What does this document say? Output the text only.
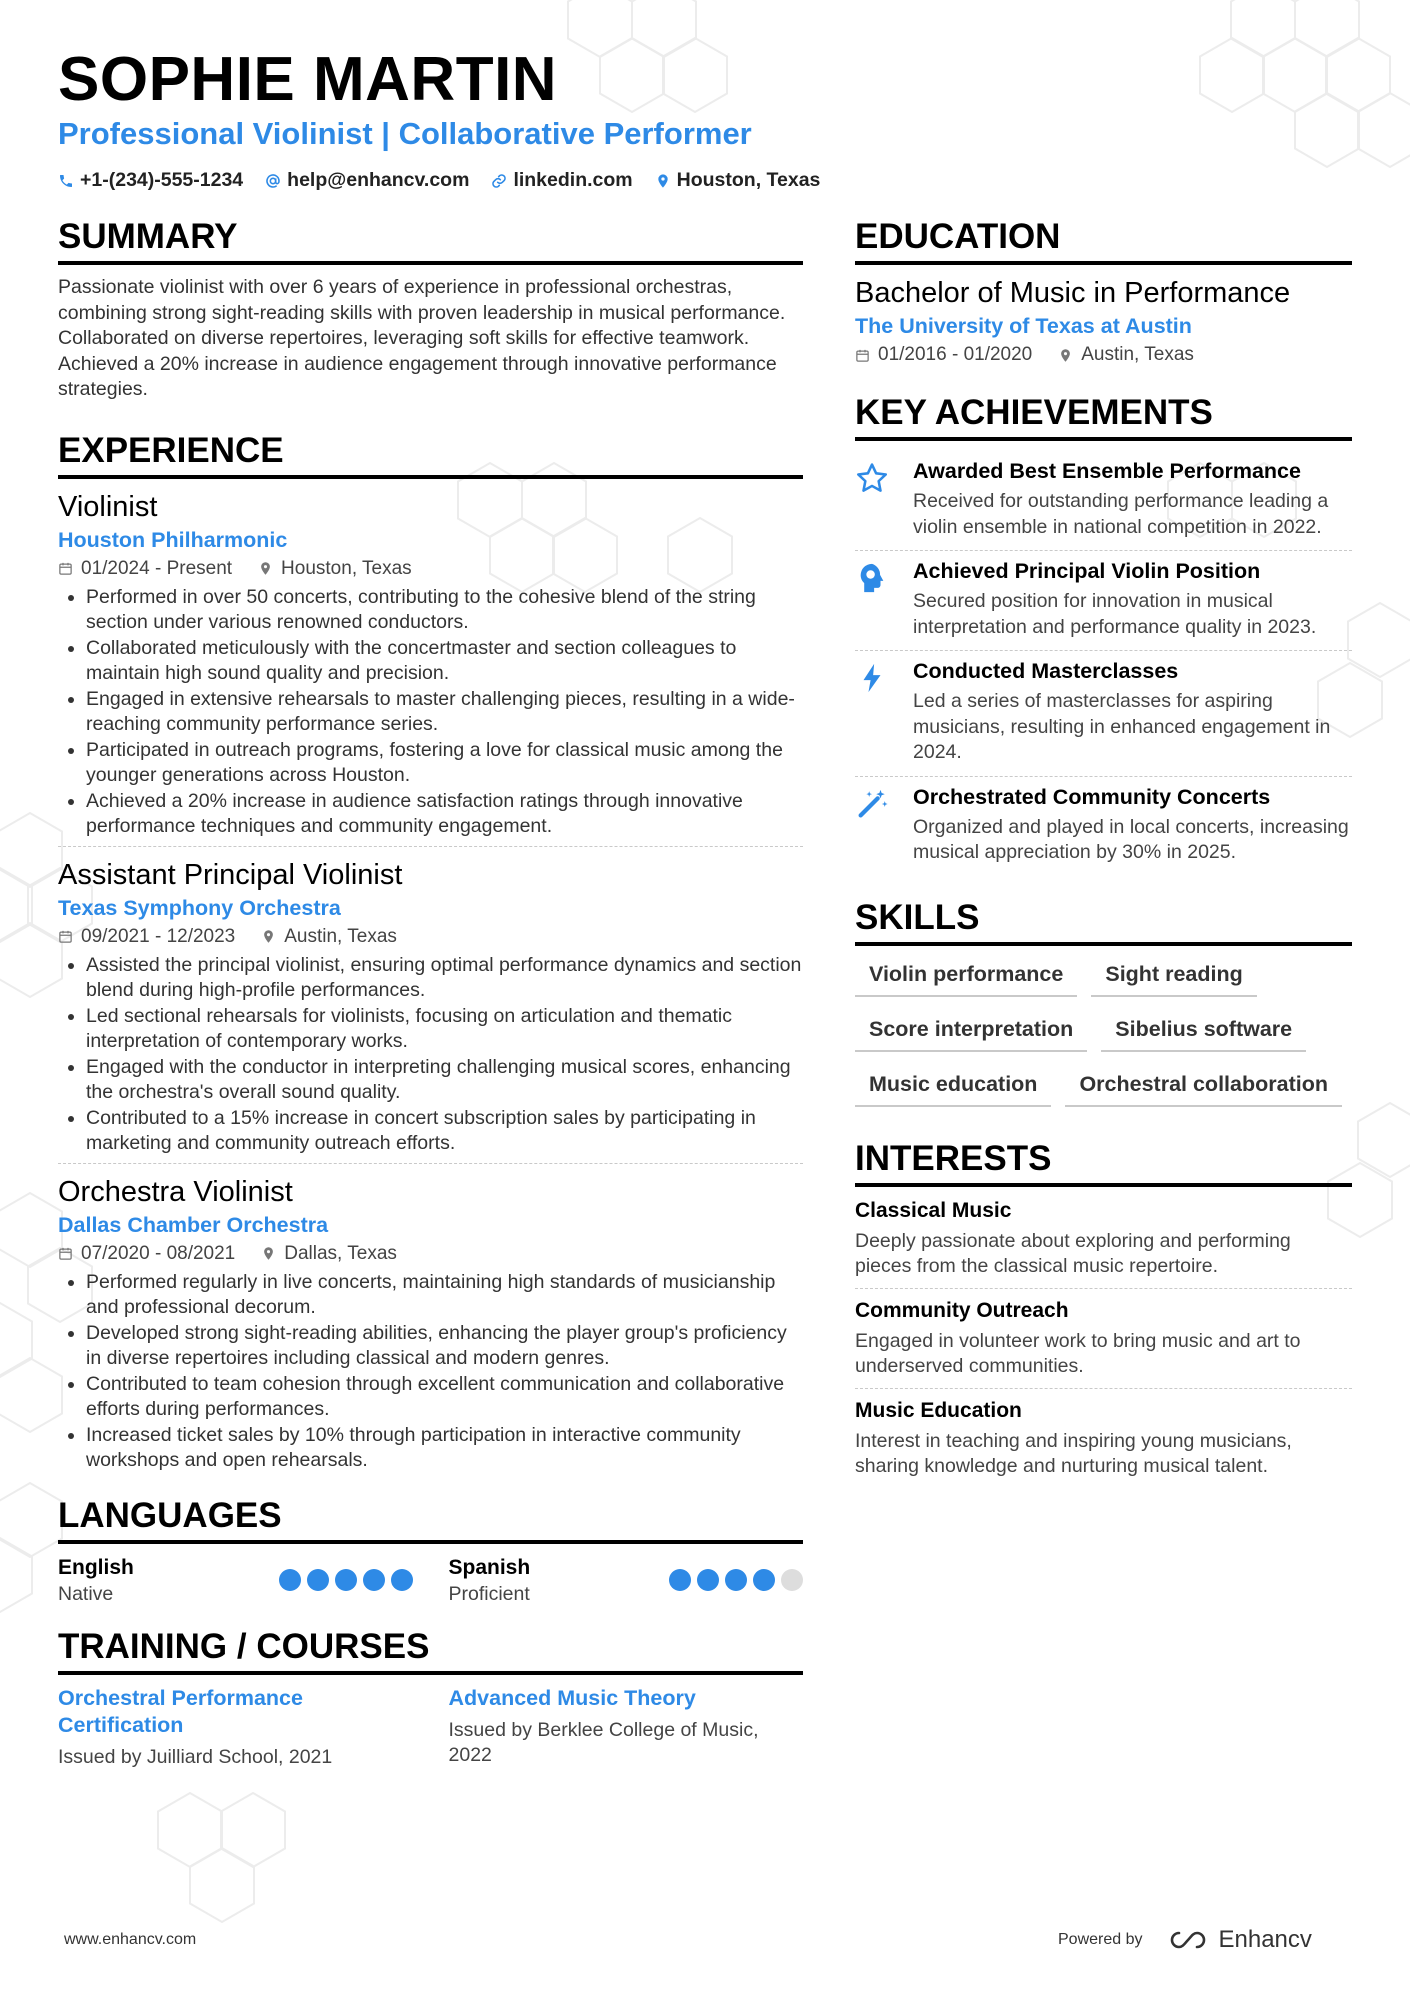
SOPHIE MARTIN
Professional Violinist | Collaborative Performer
+1-(234)-555-1234 help@enhancv.com linkedin.com Houston, Texas
SUMMARY
Passionate violinist with over 6 years of experience in professional orchestras, combining strong sight-reading skills with proven leadership in musical performance. Collaborated on diverse repertoires, leveraging soft skills for effective teamwork. Achieved a 20% increase in audience engagement through innovative performance strategies.
EXPERIENCE
Violinist
Houston Philharmonic
01/2024 - Present	Houston, Texas
• Performed in over 50 concerts, contributing to the cohesive blend of the string section under various renowned conductors.
• Collaborated meticulously with the concertmaster and section colleagues to maintain high sound quality and precision.
• Engaged in extensive rehearsals to master challenging pieces, resulting in a wide-reaching community performance series.
• Participated in outreach programs, fostering a love for classical music among the younger generations across Houston.
• Achieved a 20% increase in audience satisfaction ratings through innovative performance techniques and community engagement.
Assistant Principal Violinist
Texas Symphony Orchestra
09/2021 - 12/2023	Austin, Texas
• Assisted the principal violinist, ensuring optimal performance dynamics and section blend during high-profile performances.
• Led sectional rehearsals for violinists, focusing on articulation and thematic interpretation of contemporary works.
• Engaged with the conductor in interpreting challenging musical scores, enhancing the orchestra's overall sound quality.
• Contributed to a 15% increase in concert subscription sales by participating in marketing and community outreach efforts.
Orchestra Violinist
Dallas Chamber Orchestra
07/2020 - 08/2021	Dallas, Texas
• Performed regularly in live concerts, maintaining high standards of musicianship and professional decorum.
• Developed strong sight-reading abilities, enhancing the player group's proficiency in diverse repertoires including classical and modern genres.
• Contributed to team cohesion through excellent communication and collaborative efforts during performances.
• Increased ticket sales by 10% through participation in interactive community workshops and open rehearsals.
LANGUAGES
English
Native
Spanish
Proficient
TRAINING / COURSES
Orchestral Performance Certification
Issued by Juilliard School, 2021
Advanced Music Theory
Issued by Berklee College of Music, 2022
EDUCATION
Bachelor of Music in Performance
The University of Texas at Austin
01/2016 - 01/2020	Austin, Texas
KEY ACHIEVEMENTS
Awarded Best Ensemble Performance
Received for outstanding performance leading a violin ensemble in national competition in 2022.
Achieved Principal Violin Position
Secured position for innovation in musical interpretation and performance quality in 2023.
Conducted Masterclasses
Led a series of masterclasses for aspiring musicians, resulting in enhanced engagement in 2024.
Orchestrated Community Concerts
Organized and played in local concerts, increasing musical appreciation by 30% in 2025.
SKILLS
Violin performance	Sight reading
Score interpretation	Sibelius software
Music education	Orchestral collaboration
INTERESTS
Classical Music
Deeply passionate about exploring and performing pieces from the classical music repertoire.
Community Outreach
Engaged in volunteer work to bring music and art to underserved communities.
Music Education
Interest in teaching and inspiring young musicians, sharing knowledge and nurturing musical talent.
www.enhancv.com	Powered by	Enhancv
